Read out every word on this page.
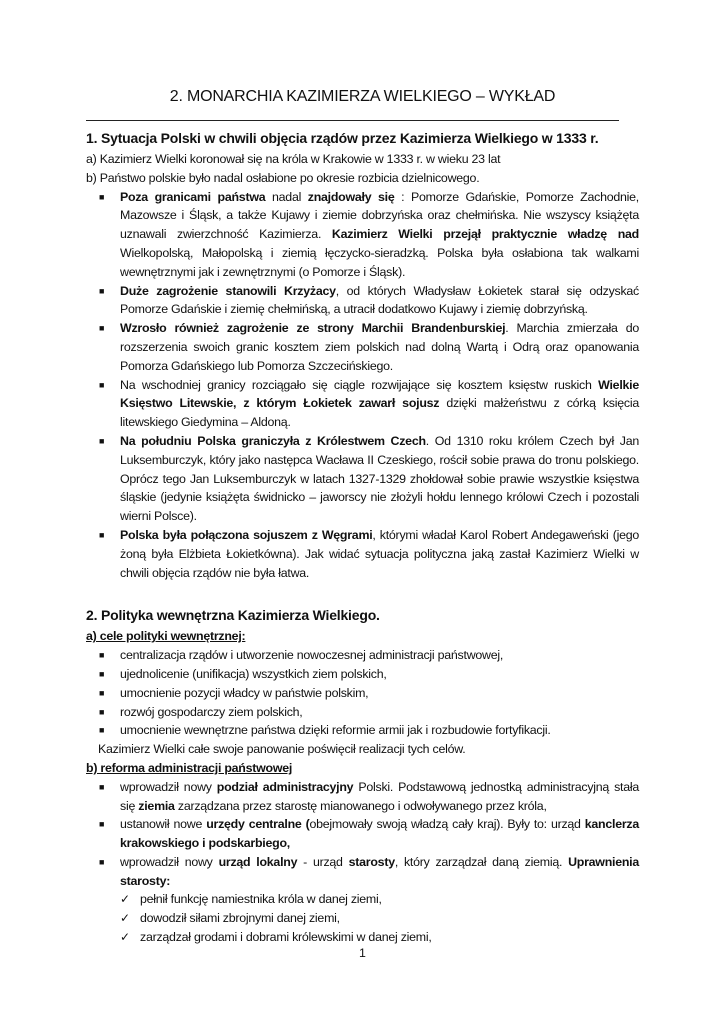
2. MONARCHIA KAZIMIERZA WIELKIEGO – WYKŁAD
1. Sytuacja Polski w chwili objęcia rządów przez Kazimierza Wielkiego w 1333 r.
a) Kazimierz Wielki koronował się na króla w Krakowie w 1333 r. w wieku 23 lat
b) Państwo polskie było nadal osłabione po okresie rozbicia dzielnicowego.
■ Poza granicami państwa nadal znajdowały się : Pomorze Gdańskie, Pomorze Zachodnie, Mazowsze i Śląsk, a także Kujawy i ziemie dobrzyńska oraz chełmińska. Nie wszyscy książęta uznawali zwierzchność Kazimierza. Kazimierz Wielki przejął praktycznie władzę nad Wielkopolską, Małopolską i ziemią łęczycko-sieradzką. Polska była osłabiona tak walkami wewnętrznymi jak i zewnętrznymi (o Pomorze i Śląsk).
■ Duże zagrożenie stanowili Krzyżacy, od których Władysław Łokietek starał się odzyskać Pomorze Gdańskie i ziemię chełmińską, a utracił dodatkowo Kujawy i ziemię dobrzyńską.
■ Wzrosło również zagrożenie ze strony Marchii Brandenburskiej. Marchia zmierzała do rozszerzenia swoich granic kosztem ziem polskich nad dolną Wartą i Odrą oraz opanowania Pomorza Gdańskiego lub Pomorza Szczecińskiego.
■ Na wschodniej granicy rozciągało się ciągle rozwijające się kosztem księstw ruskich Wielkie Księstwo Litewskie, z którym Łokietek zawarł sojusz dzięki małżeństwu z córką księcia litewskiego Giedymina – Aldoną.
■ Na południu Polska graniczyła z Królestwem Czech. Od 1310 roku królem Czech był Jan Luksemburczyk, który jako następca Wacława II Czeskiego, rościł sobie prawa do tronu polskiego. Oprócz tego Jan Luksemburczyk w latach 1327-1329 zhołdował sobie prawie wszystkie księstwa śląskie (jedynie książęta świdnicko – jaworscy nie złożyli hołdu lennego królowi Czech i pozostali wierni Polsce).
■ Polska była połączona sojuszem z Węgrami, którymi władał Karol Robert Andegaweński (jego żoną była Elżbieta Łokietkówna). Jak widać sytuacja polityczna jaką zastał Kazimierz Wielki w chwili objęcia rządów nie była łatwa.
2. Polityka wewnętrzna Kazimierza Wielkiego.
a) cele polityki wewnętrznej:
■ centralizacja rządów i utworzenie nowoczesnej administracji państwowej,
■ ujednolicenie (unifikacja) wszystkich ziem polskich,
■ umocnienie pozycji władcy w państwie polskim,
■ rozwój gospodarczy ziem polskich,
■ umocnienie wewnętrzne państwa dzięki reformie armii jak i rozbudowie fortyfikacji.
Kazimierz Wielki całe swoje panowanie poświęcił realizacji tych celów.
b) reforma administracji państwowej
■ wprowadził nowy podział administracyjny Polski. Podstawową jednostką administracyjną stała się ziemia zarządzana przez starostę mianowanego i odwoływanego przez króla,
■ ustanowił nowe urzędy centralne (obejmowały swoją władzą cały kraj). Były to: urząd kanclerza krakowskiego i podskarbiego,
■ wprowadził nowy urząd lokalny - urząd starosty, który zarządzał daną ziemią. Uprawnienia starosty:
✓ pełnił funkcję namiestnika króla w danej ziemi,
✓ dowodził siłami zbrojnymi danej ziemi,
✓ zarządzał grodami i dobrami królewskimi w danej ziemi,
1
